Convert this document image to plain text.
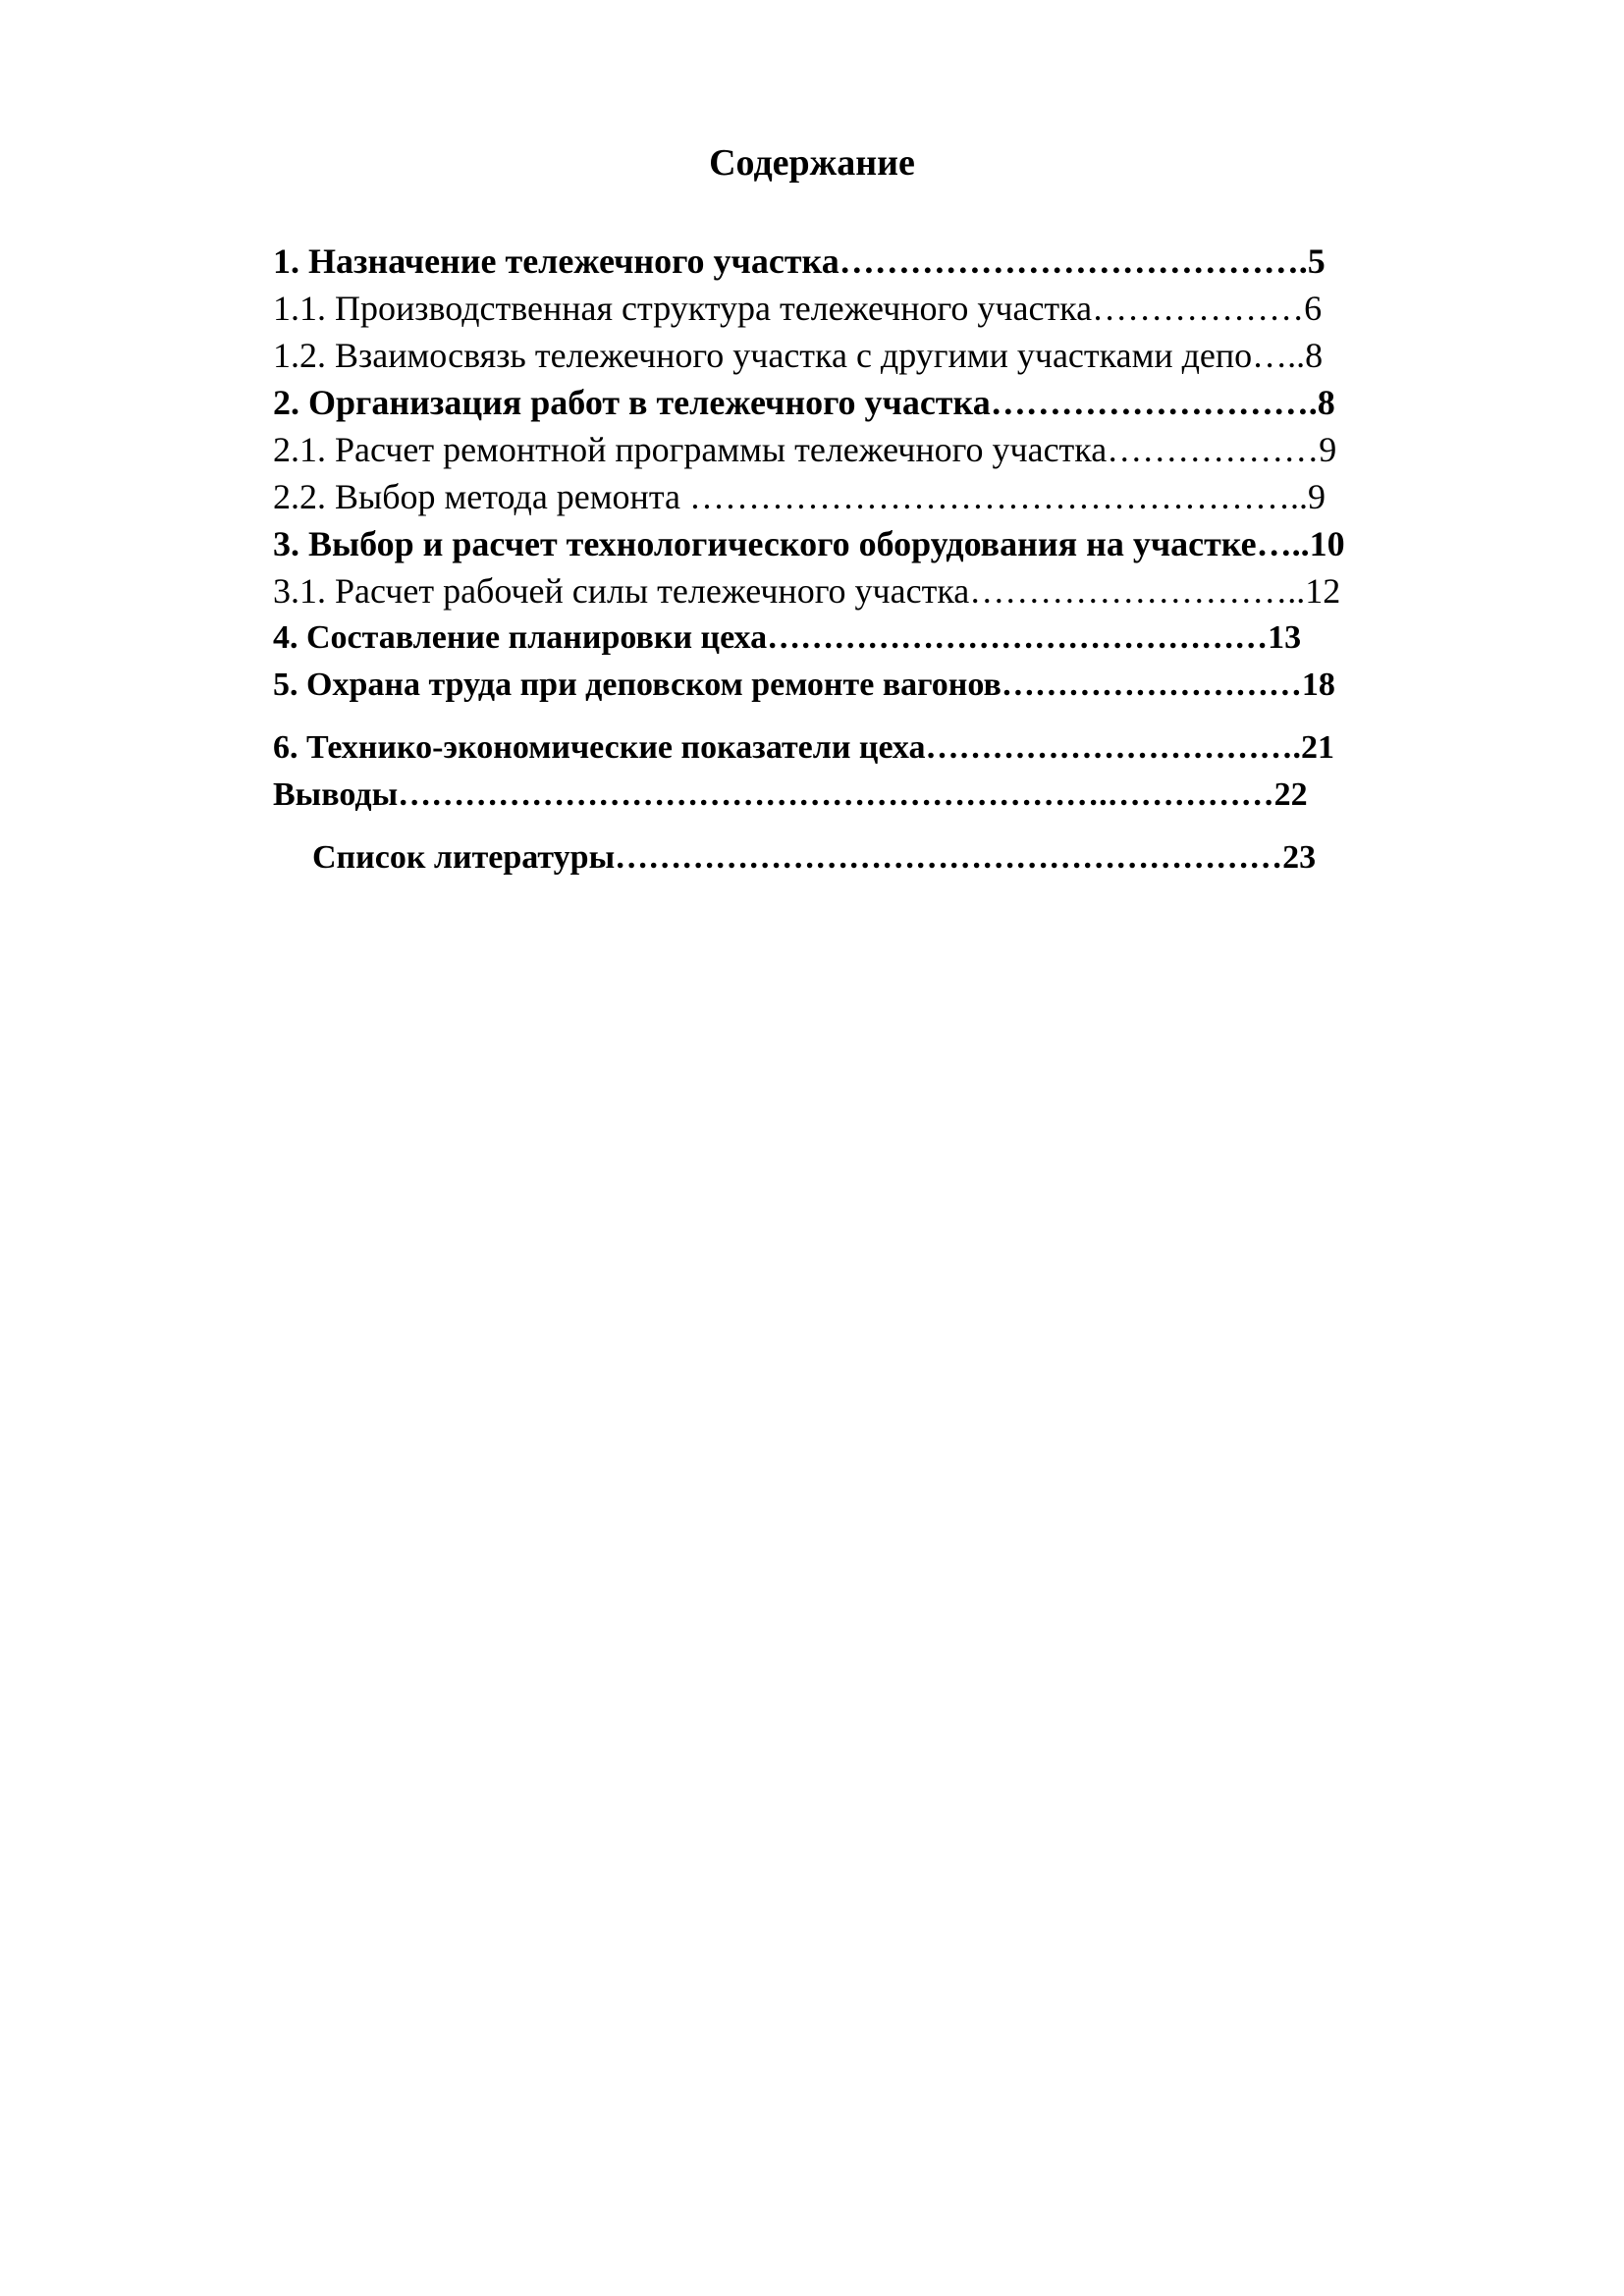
Содержание
1. Назначение тележечного участка………………………………….5
1.1. Производственная структура тележечного участка………………6
1.2. Взаимосвязь тележечного участка с другими участками депо…..8
2. Организация работ в тележечного участка……………………….8
2.1. Расчет ремонтной программы тележечного участка………………9
2.2. Выбор метода ремонта ……………………………………………..9
3. Выбор и расчет технологического оборудования на участке…..10
3.1. Расчет рабочей силы тележечного участка………………………..12
4. Составление планировки цеха………………………………………13
5. Охрана труда при деповском ремонте вагонов………………………18
6. Технико-экономические показатели цеха…………………………….21
Выводы……………………………………………………….……………22
Список литературы……………………………………………………23
